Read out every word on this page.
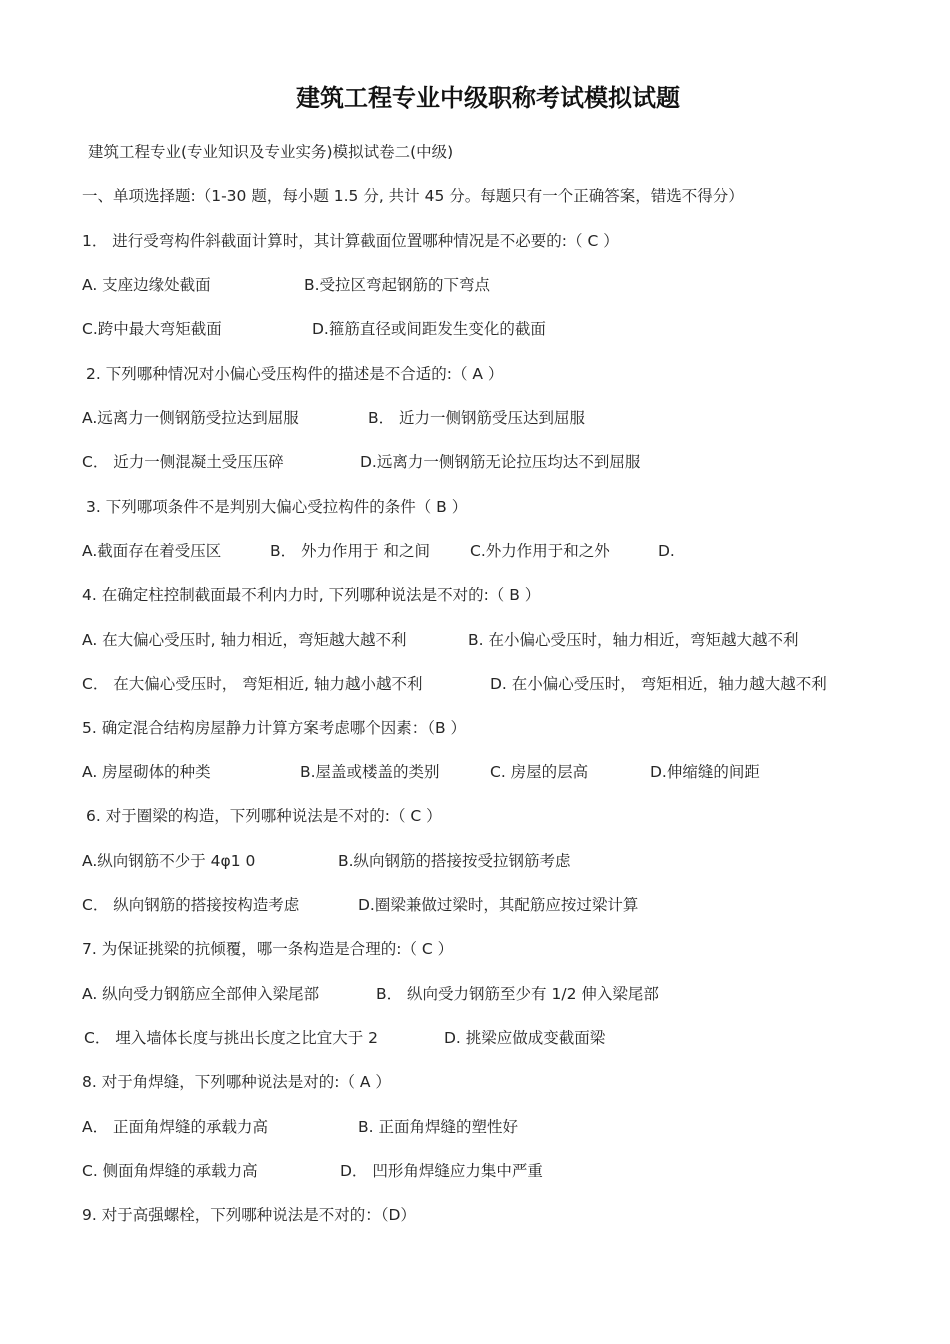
建筑工程专业中级职称考试模拟试题
建筑工程专业(专业知识及专业实务)模拟试卷二(中级)
一、单项选择题:（1-30 题，每小题 1.5 分, 共计 45 分。每题只有一个正确答案，错选不得分）
1． 进行受弯构件斜截面计算时，其计算截面位置哪种情况是不必要的:（ C ）
A. 支座边缘处截面	B.受拉区弯起钢筋的下弯点
C.跨中最大弯矩截面	D.箍筋直径或间距发生变化的截面
2. 下列哪种情况对小偏心受压构件的描述是不合适的:（ A ）
A.远离力一侧钢筋受拉达到屈服	B． 近力一侧钢筋受压达到屈服
C． 近力一侧混凝土受压压碎	D.远离力一侧钢筋无论拉压均达不到屈服
3. 下列哪项条件不是判别大偏心受拉构件的条件（ B ）
A.截面存在着受压区	B． 外力作用于 和之间	C.外力作用于和之外	D.
4. 在确定柱控制截面最不利内力时, 下列哪种说法是不对的:（ B ）
A. 在大偏心受压时, 轴力相近，弯矩越大越不利	B. 在小偏心受压时，轴力相近，弯矩越大越不利
C． 在大偏心受压时， 弯矩相近, 轴力越小越不利	D. 在小偏心受压时， 弯矩相近，轴力越大越不利
5. 确定混合结构房屋静力计算方案考虑哪个因素：（B ）
A. 房屋砌体的种类	B.屋盖或楼盖的类别	C. 房屋的层高	D.伸缩缝的间距
6. 对于圈梁的构造，下列哪种说法是不对的:（ C ）
A.纵向钢筋不少于 4φ1 0	B.纵向钢筋的搭接按受拉钢筋考虑
C． 纵向钢筋的搭接按构造考虑	D.圈梁兼做过梁时，其配筋应按过梁计算
7. 为保证挑梁的抗倾覆，哪一条构造是合理的:（ C ）
A. 纵向受力钢筋应全部伸入梁尾部	B． 纵向受力钢筋至少有 1/2 伸入梁尾部
C． 埋入墙体长度与挑出长度之比宜大于 2	D. 挑梁应做成变截面梁
8. 对于角焊缝，下列哪种说法是对的:（ A ）
A． 正面角焊缝的承载力高	B. 正面角焊缝的塑性好
C. 侧面角焊缝的承载力高	D． 凹形角焊缝应力集中严重
9. 对于高强螺栓，下列哪种说法是不对的：（D）
